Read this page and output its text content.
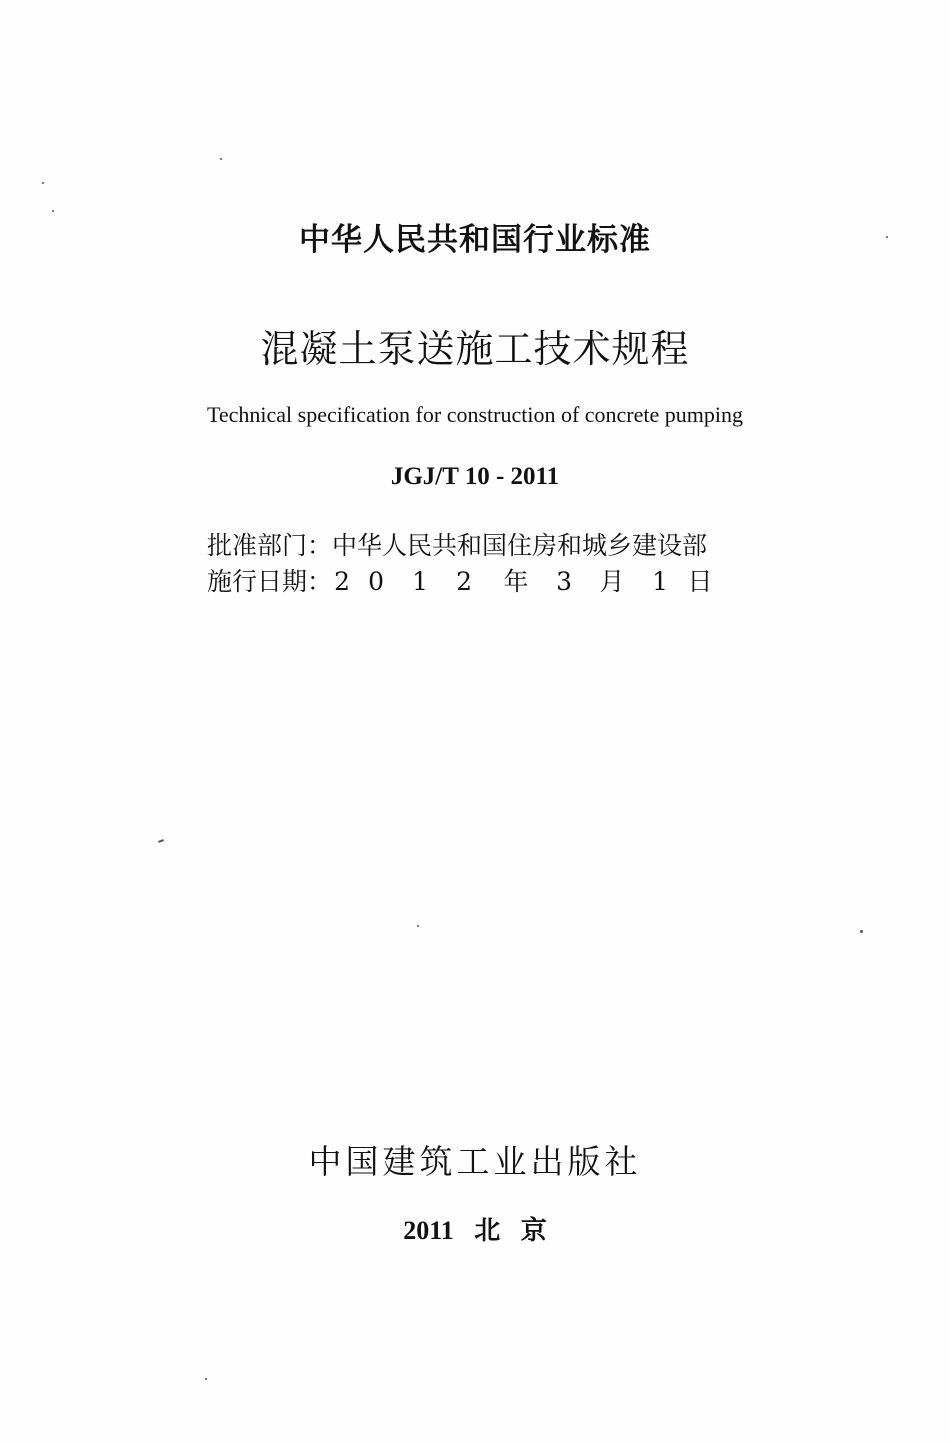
中华人民共和国行业标准
混凝土泵送施工技术规程
Technical specification for construction of concrete pumping
JGJ/T 10 - 2011
批准部门：中华人民共和国住房和城乡建设部
施行日期：2 0 1 2 年 3 月 1 日
中国建筑工业出版社
2011 北 京
